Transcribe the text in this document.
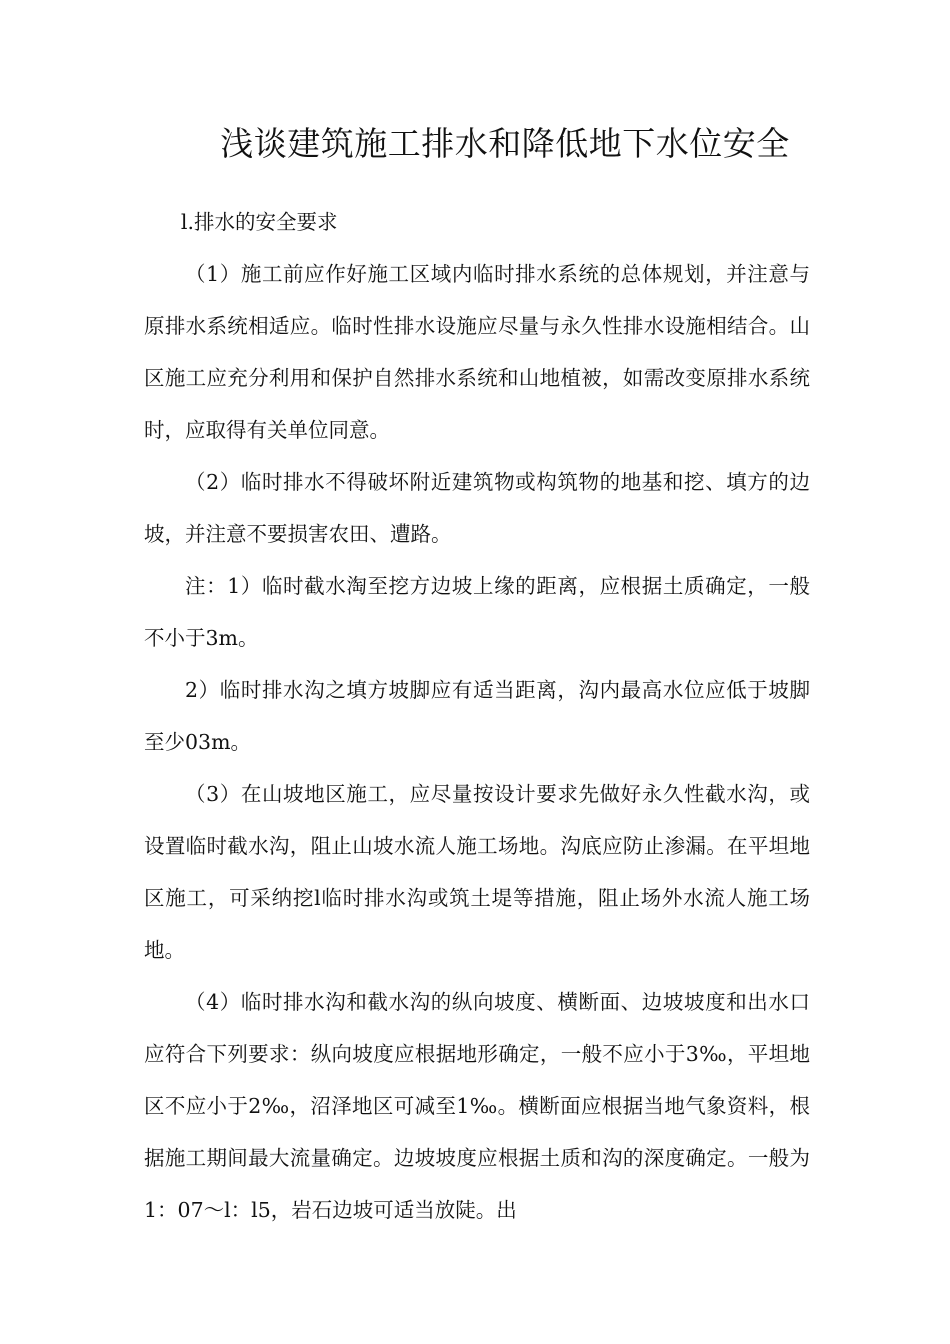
浅谈建筑施工排水和降低地下水位安全

l.排水的安全要求

（1）施工前应作好施工区域内临时排水系统的总体规划，并注意与原排水系统相适应。临时性排水设施应尽量与永久性排水设施相结合。山区施工应充分利用和保护自然排水系统和山地植被，如需改变原排水系统时，应取得有关单位同意。

（2）临时排水不得破坏附近建筑物或构筑物的地基和挖、填方的边坡，并注意不要损害农田、遭路。

注：1）临时截水淘至挖方边坡上缘的距离，应根据土质确定，一般不小于3m。

2）临时排水沟之填方坡脚应有适当距离，沟内最高水位应低于坡脚至少03m。

（3）在山坡地区施工，应尽量按设计要求先做好永久性截水沟，或设置临时截水沟，阻止山坡水流人施工场地。沟底应防止渗漏。在平坦地区施工，可采纳挖l临时排水沟或筑土堤等措施，阻止场外水流人施工场地。

（4）临时排水沟和截水沟的纵向坡度、横断面、边坡坡度和出水口应符合下列要求：纵向坡度应根据地形确定，一般不应小于3‰，平坦地区不应小于2‰，沼泽地区可减至1‰。横断面应根据当地气象资料，根据施工期间最大流量确定。边坡坡度应根据土质和沟的深度确定。一般为1：07～l：l5，岩石边坡可适当放陡。出
